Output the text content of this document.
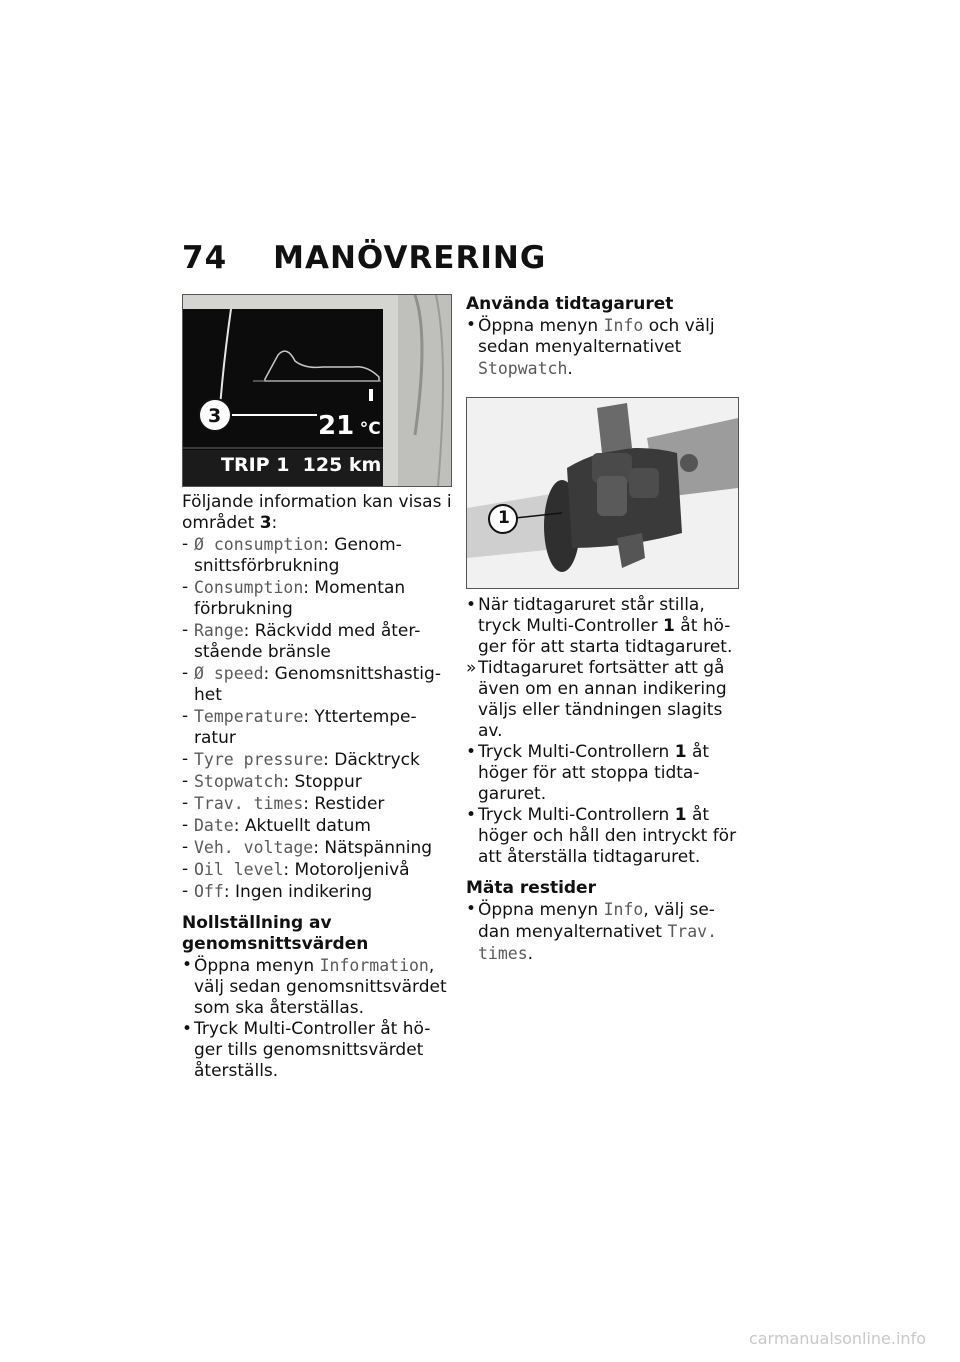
74 MANÖVRERING
3	21 °C
TRIP 1  125 km

Följande information kan visas i området 3:

- Ø consumption: Genom-
snittsförbrukning
- Consumption: Momentan
förbrukning
- Range: Räckvidd med åter-
stående bränsle
- Ø speed: Genomsnittshastig-
het
- Temperature: Yttertempe-
ratur
- Tyre pressure: Däcktryck
- Stopwatch: Stoppur
- Trav. times: Restider
- Date: Aktuellt datum
- Veh. voltage: Nätspänning
- Oil level: Motoroljenivå
- Off: Ingen indikering

Nollställning av genomsnittsvärden

• Öppna menyn Information, välj sedan genomsnittsvärdet som ska återställas.
• Tryck Multi-Controller åt hö-ger tills genomsnittsvärdet återställs.

Använda tidtagaruret

• Öppna menyn Info och välj sedan menyalternativet Stopwatch.
1
• När tidtagaruret står stilla, tryck Multi-Controller 1 åt hö-ger för att starta tidtagaruret.
» Tidtagaruret fortsätter att gå även om en annan indikering väljs eller tändningen slagits av.
• Tryck Multi-Controllern 1 åt höger för att stoppa tidta-garuret.
• Tryck Multi-Controllern 1 åt höger och håll den intryckt för att återställa tidtagaruret.

Mäta restider

• Öppna menyn Info, välj se-dan menyalternativet Trav. times.
carmanualsonline.info
